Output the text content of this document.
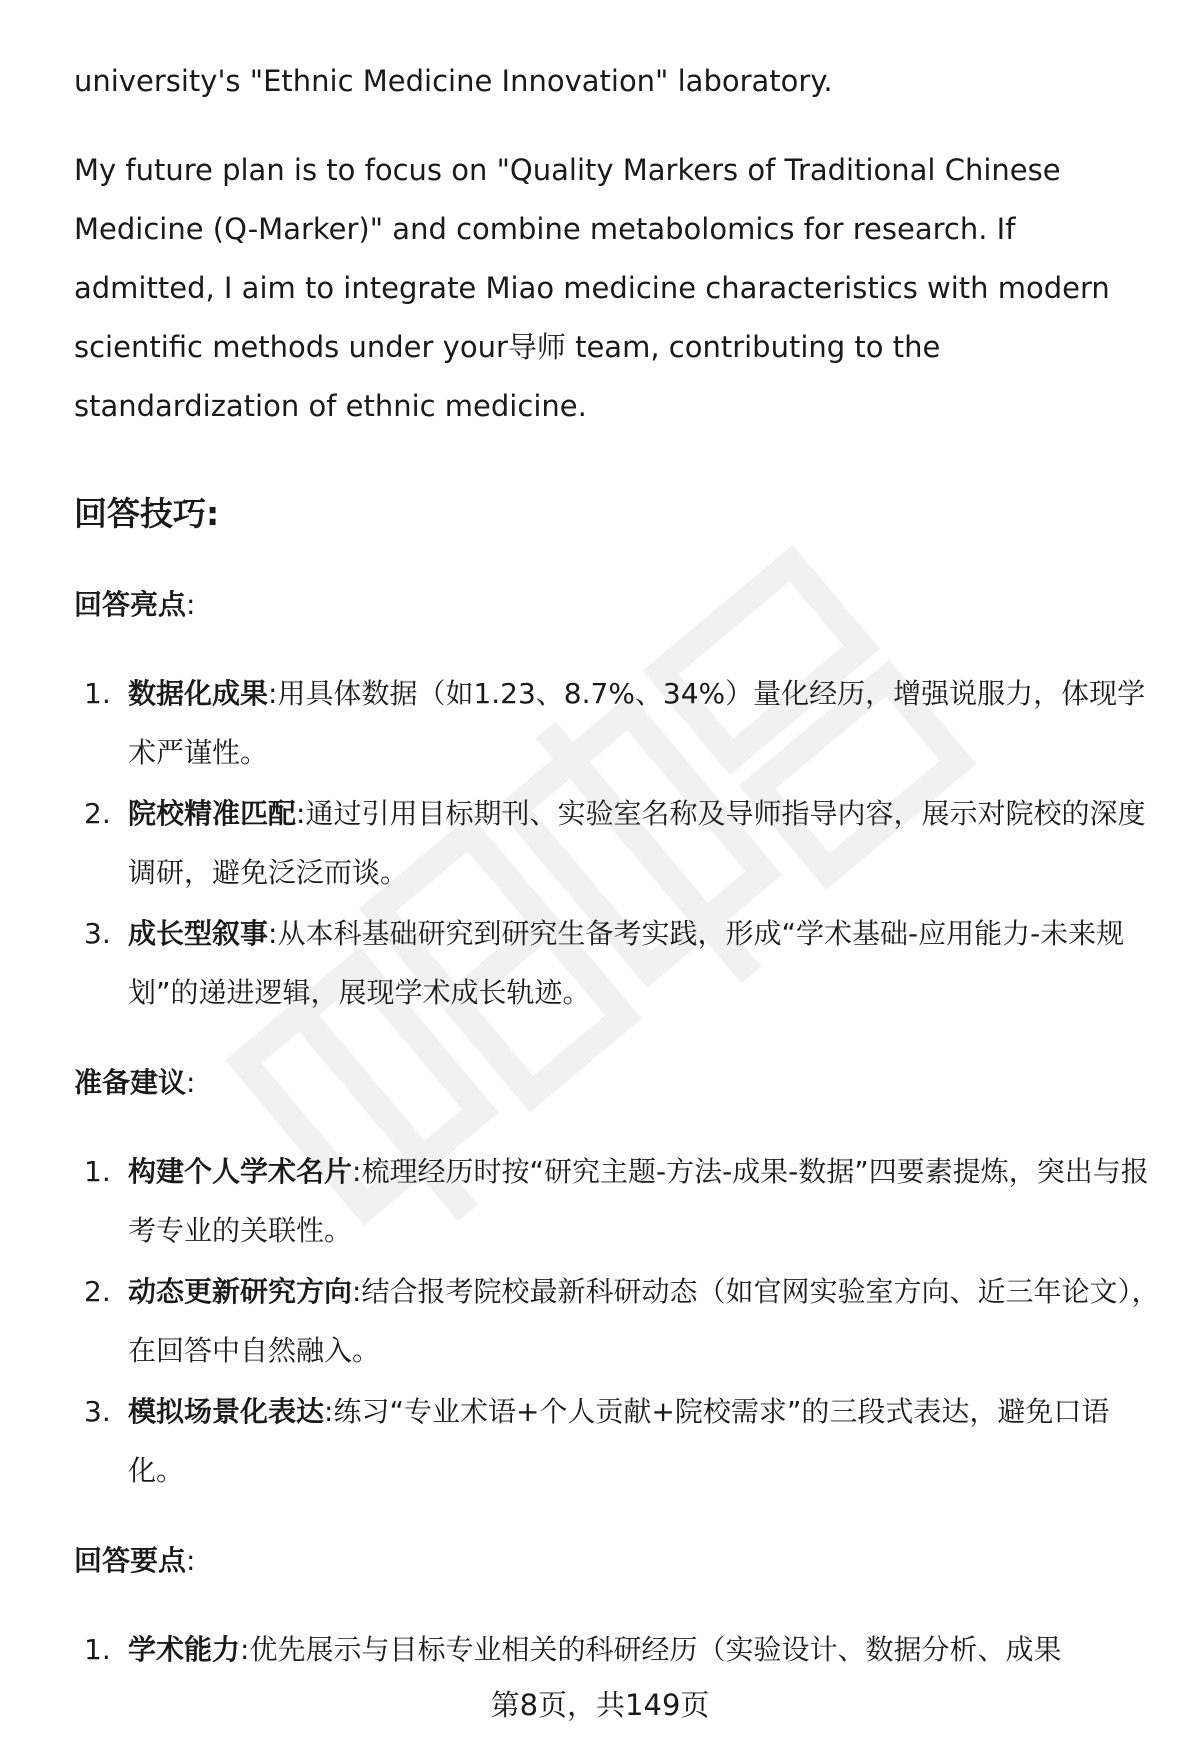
university's "Ethnic Medicine Innovation" laboratory.

My future plan is to focus on "Quality Markers of Traditional Chinese Medicine (Q-Marker)" and combine metabolomics for research. If admitted, I aim to integrate Miao medicine characteristics with modern scientific methods under your导师 team, contributing to the standardization of ethnic medicine.

回答技巧:
回答亮点:
1. 数据化成果:用具体数据（如1.23、8.7%、34%）量化经历，增强说服力，体现学术严谨性。
2. 院校精准匹配:通过引用目标期刊、实验室名称及导师指导内容，展示对院校的深度调研，避免泛泛而谈。
3. 成长型叙事:从本科基础研究到研究生备考实践，形成“学术基础-应用能力-未来规划”的递进逻辑，展现学术成长轨迹。
准备建议:
1. 构建个人学术名片:梳理经历时按“研究主题-方法-成果-数据”四要素提炼，突出与报考专业的关联性。
2. 动态更新研究方向:结合报考院校最新科研动态（如官网实验室方向、近三年论文），在回答中自然融入。
3. 模拟场景化表达:练习“专业术语+个人贡献+院校需求”的三段式表达，避免口语化。
回答要点:
1. 学术能力:优先展示与目标专业相关的科研经历（实验设计、数据分析、成果
第8页，共149页
